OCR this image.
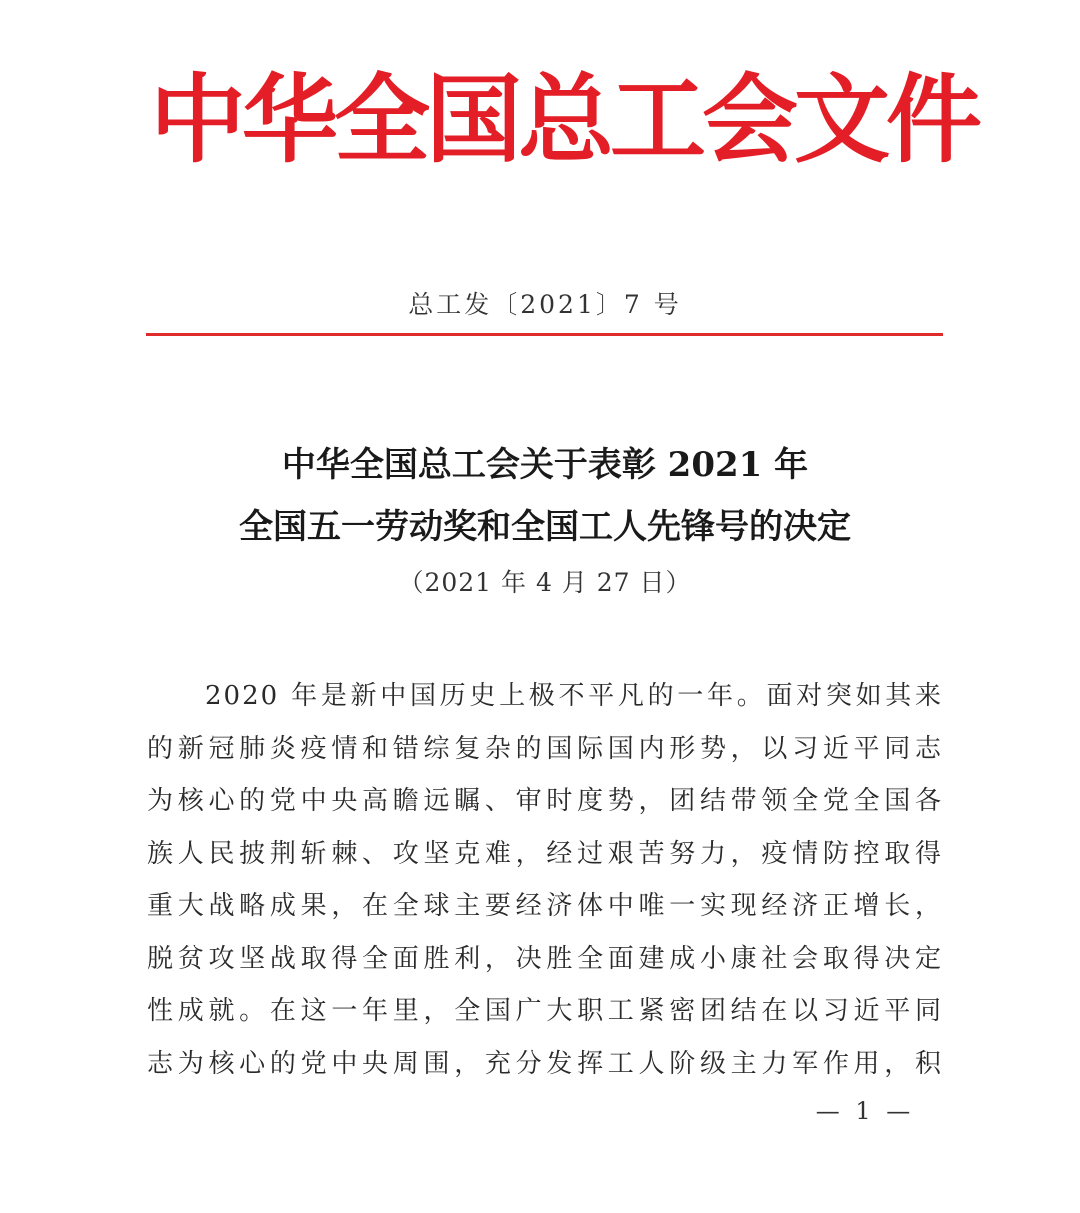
中华全国总工会文件
总工发〔2021〕7 号
中华全国总工会关于表彰 2021 年
全国五一劳动奖和全国工人先锋号的决定
（2021 年 4 月 27 日）
2020 年是新中国历史上极不平凡的一年。面对突如其来
的新冠肺炎疫情和错综复杂的国际国内形势，以习近平同志
为核心的党中央高瞻远瞩、审时度势，团结带领全党全国各
族人民披荆斩棘、攻坚克难，经过艰苦努力，疫情防控取得
重大战略成果，在全球主要经济体中唯一实现经济正增长，
脱贫攻坚战取得全面胜利，决胜全面建成小康社会取得决定
性成就。在这一年里，全国广大职工紧密团结在以习近平同
志为核心的党中央周围，充分发挥工人阶级主力军作用，积
— 1 —
